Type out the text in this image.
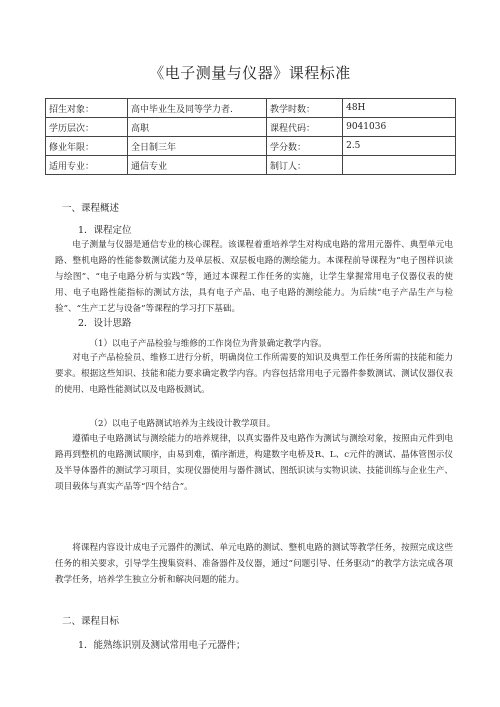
《电子测量与仪器》课程标准
招生对象：	高中毕业生及同等学力者.	教学时数：	48H
学历层次：	高职	课程代码：	9041036
修业年限：	全日制三年	学分数：	2.5
适用专业：	通信专业	制订人：	
一、课程概述
1．课程定位

电子测量与仪器是通信专业的核心课程。该课程着重培养学生对构成电路的常用元器件、典型单元电路、整机电路的性能参数测试能力及单层板、双层板电路的测绘能力。本课程前导课程为“电子图样识读与绘图”、“电子电路分析与实践”等，通过本课程工作任务的实施，让学生掌握常用电子仪器仪表的使用、电子电路性能指标的测试方法，具有电子产品、电子电路的测绘能力。为后续“电子产品生产与检验”、“生产工艺与设备”等课程的学习打下基础。

2．设计思路

（1）以电子产品检验与维修的工作岗位为背景确定教学内容。

对电子产品检验员、维修工进行分析，明确岗位工作所需要的知识及典型工作任务所需的技能和能力要求。根据这些知识、技能和能力要求确定教学内容。内容包括常用电子元器件参数测试、测试仪器仪表的使用、电路性能测试以及电路板测试。

（2）以电子电路测试培养为主线设计教学项目。

遵循电子电路测试与测绘能力的培养规律，以真实器件及电路作为测试与测绘对象，按照由元件到电路再到整机的电路测试顺序，由易到难，循序渐进，构建数字电桥及R、L、c元件的测试、晶体管图示仪及半导体器件的测试学习项目，实现仪器使用与器件测试、图纸识读与实物识读、技能训练与企业生产、项目载体与真实产品等“四个结合”。

将课程内容设计成电子元器件的测试、单元电路的测试、整机电路的测试等教学任务，按照完成这些任务的相关要求，引导学生搜集资料、准备器件及仪器，通过“问题引导、任务驱动”的教学方法完成各项教学任务，培养学生独立分析和解决问题的能力。

二、课程目标
1．能熟练识别及测试常用电子元器件；
